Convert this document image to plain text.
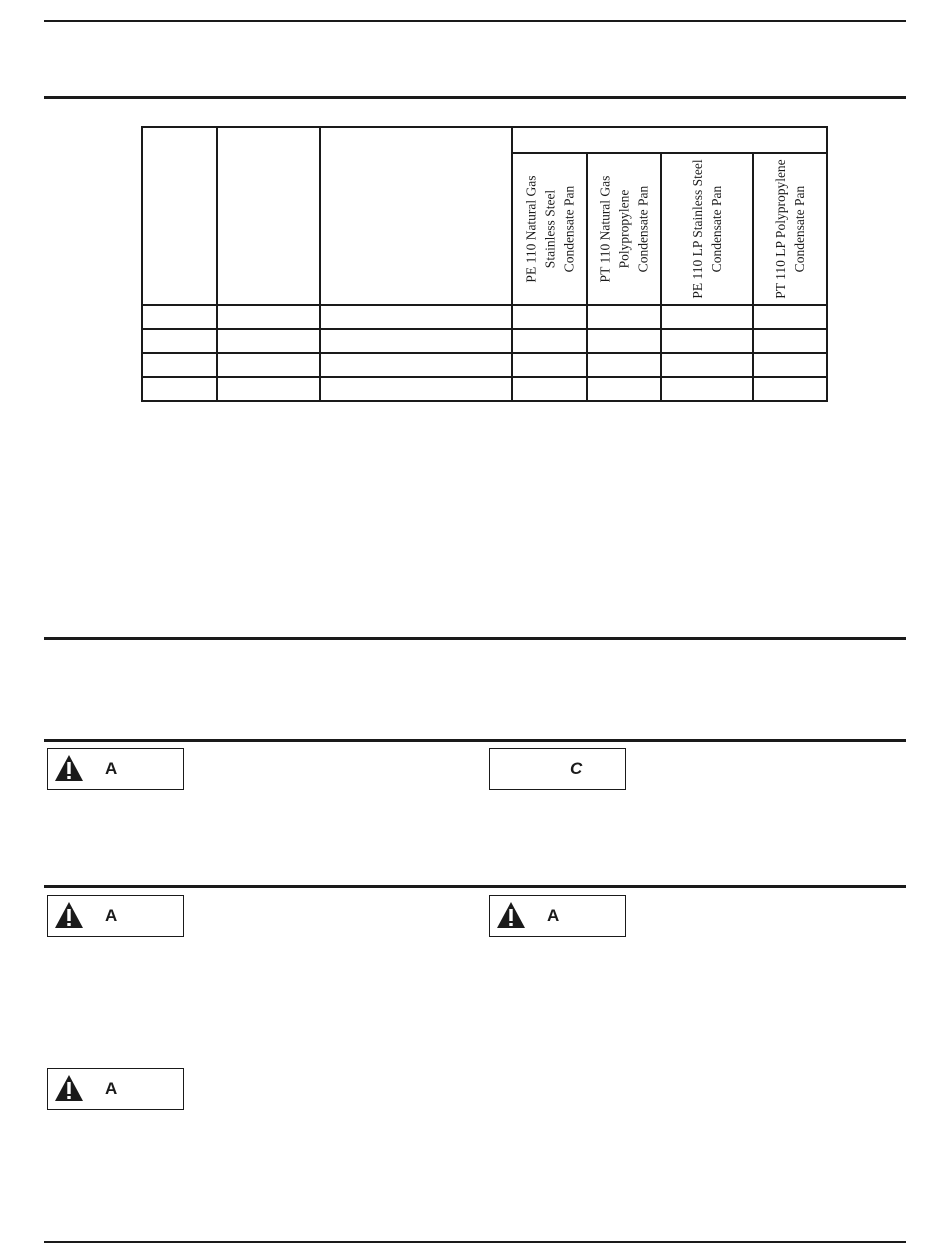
			PE 110 Natural Gas Stainless Steel Condensate Pan	PT 110 Natural Gas Polypropylene Condensate Pan	PE 110 LP Stainless Steel Condensate Pan	PT 110 LP Polypropylene Condensate Pan

A	C
A	A
A
